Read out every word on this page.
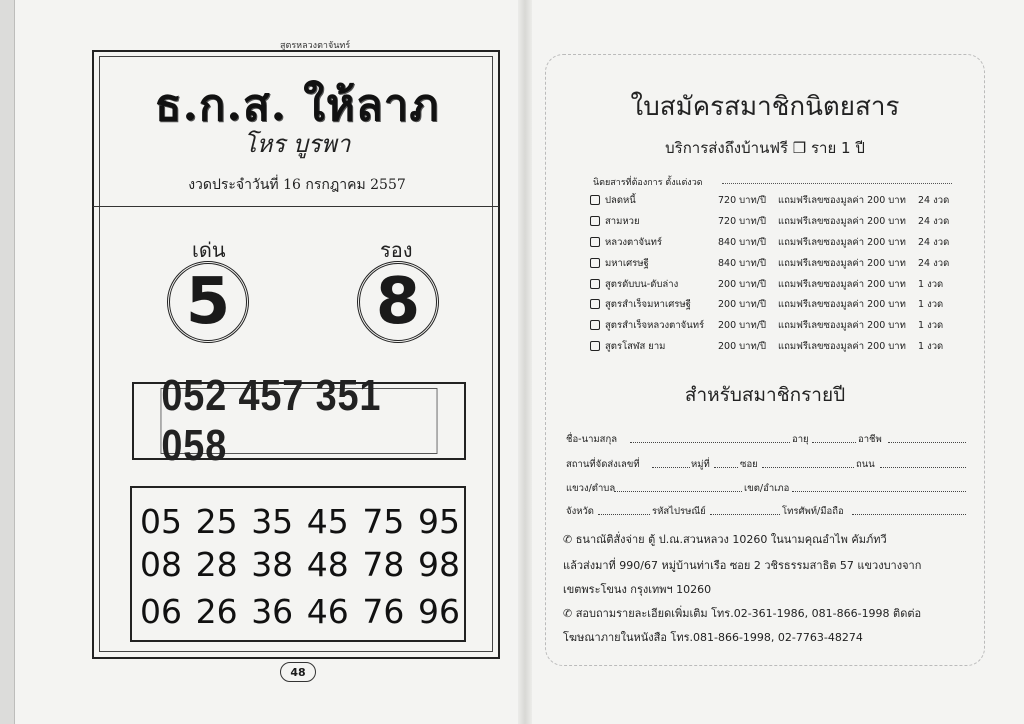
สูตรหลวงตาจันทร์
ธ.ก.ส. ให้ลาภ
โหร บูรพา
งวดประจำวันที่ 16 กรกฎาคม 2557
เด่น	รอง
5 8
052 457 351 058
05 25 35 45 75 95
08 28 38 48 78 98
06 26 36 46 76 96
48
ใบสมัครสมาชิกนิตยสาร
บริการส่งถึงบ้านฟรี ❒ ราย 1 ปี
นิตยสารที่ต้องการ ตั้งแต่งวด
ปลดหนี้	720 บาท/ปี แถมฟรีเลขซองมูลค่า 200 บาท 24 งวด
สามหวย	720 บาท/ปี แถมฟรีเลขซองมูลค่า 200 บาท 24 งวด
หลวงตาจันทร์	840 บาท/ปี แถมฟรีเลขซองมูลค่า 200 บาท 24 งวด
มหาเศรษฐี	840 บาท/ปี แถมฟรีเลขซองมูลค่า 200 บาท 24 งวด
สูตรดับบน-ดับล่าง	200 บาท/ปี แถมฟรีเลขซองมูลค่า 200 บาท 1 งวด
สูตรสำเร็จมหาเศรษฐี	200 บาท/ปี แถมฟรีเลขซองมูลค่า 200 บาท 1 งวด
สูตรสำเร็จหลวงตาจันทร์ 200 บาท/ปี แถมฟรีเลขซองมูลค่า 200 บาท 1 งวด
สูตรโสฬส ยาม	200 บาท/ปี แถมฟรีเลขซองมูลค่า 200 บาท 1 งวด
สำหรับสมาชิกรายปี
ชื่อ-นามสกุล	อายุ	อาชีพ
สถานที่จัดส่งเลขที่	หมู่ที่	ซอย	ถนน
แขวง/ตำบล	เขต/อำเภอ
จังหวัด	รหัสไปรษณีย์	โทรศัพท์/มือถือ
✆ ธนาณัติสั่งจ่าย ตู้ ป.ณ.สวนหลวง 10260 ในนามคุณอำไพ คัมภ์ทวี
แล้วส่งมาที่ 990/67 หมู่บ้านท่าเรือ ซอย 2 วชิรธรรมสาธิต 57 แขวงบางจาก
เขตพระโขนง กรุงเทพฯ 10260
✆ สอบถามรายละเอียดเพิ่มเติม โทร.02-361-1986, 081-866-1998 ติดต่อ
โฆษณาภายในหนังสือ โทร.081-866-1998, 02-7763-48274
